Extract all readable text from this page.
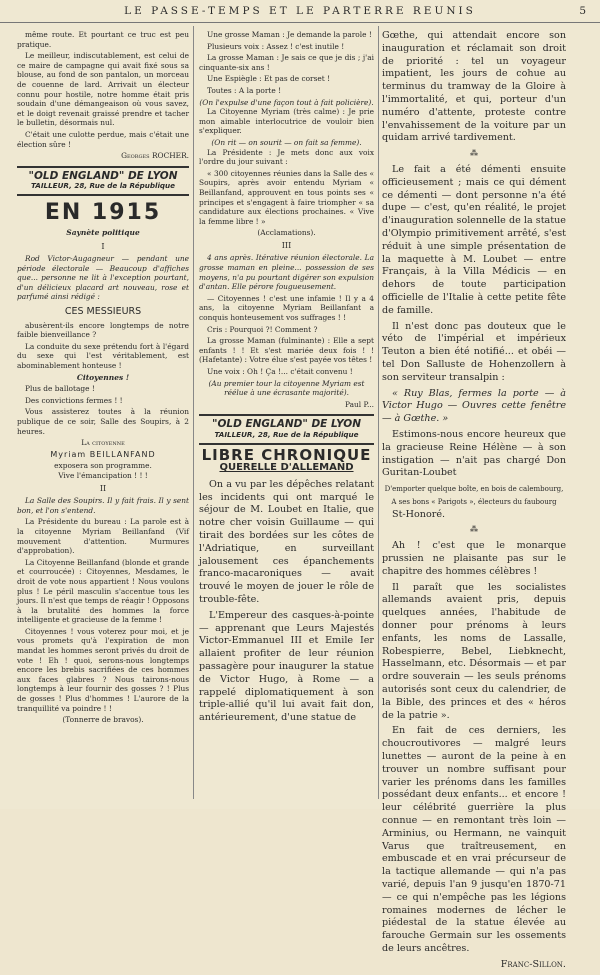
LE PASSE-TEMPS ET LE PARTERRE REUNIS	5

même route. Et pourtant ce truc est peu pratique.

Le meilleur, indiscutablement, est celui de ce maire de campagne qui avait fixé sous sa blouse, au fond de son pantalon, un morceau de couenne de lard. Arrivait un électeur connu pour hostile, notre homme était pris soudain d'une démangeaison où vous savez, et le doigt revenait graissé prendre et tacher le bulletin, désormais nul.

C'était une culotte perdue, mais c'était une élection sûre !

Georges ROCHER.

"OLD ENGLAND" DE LYON
TAILLEUR, 28, Rue de la République
EN 1915
Saynète politique
I

Rod Victor-Augagneur — pendant une période électorale — Beaucoup d'affiches que... personne ne lit à l'exception pourtant, d'un délicieux placard art nouveau, rose et parfumé ainsi rédigé :

CES MESSIEURS

abusèrent-ils encore longtemps de notre faible bienveillance ?

La conduite du sexe prétendu fort à l'égard du sexe qui l'est véritablement, est abominablement honteuse !

Citoyennes !

Plus de ballotage !

Des convictions fermes ! !

Vous assisterez toutes à la réunion publique de ce soir, Salle des Soupirs, à 2 heures.

La citoyenne
Myriam BEILLANFAND
exposera son programme.
Vive l'émancipation ! ! !
II

La Salle des Soupirs. Il y fait frais. Il y sent bon, et l'on s'entend.

La Présidente du bureau : La parole est à la citoyenne Myriam Beillanfand (Vif mouvement d'attention. Murmures d'approbation).

La Citoyenne Beillanfand (blonde et grande et courroucée) : Citoyennes, Mesdames, le droit de vote nous appartient ! Nous voulons plus ! Le péril masculin s'accentue tous les jours. Il n'est que temps de réagir ! Opposons à la brutalité des hommes la force intelligente et gracieuse de la femme !

Citoyennes ! vous voterez pour moi, et je vous promets qu'à l'expiration de mon mandat les hommes seront privés du droit de vote ! Eh ! quoi, serons-nous longtemps encore les brebis sacrifiées de ces hommes aux faces glabres ? Nous tairons-nous longtemps à leur fournir des gosses ? ! Plus de gosses ! Plus d'hommes ! L'aurore de la tranquillité va poindre ! !

(Tonnerre de bravos).

Une grosse Maman : Je demande la parole !

Plusieurs voix : Assez ! c'est inutile !

La grosse Maman : Je sais ce que je dis ; j'ai cinquante-six ans !

Une Espiègle : Et pas de corset !

Toutes : A la porte !

(On l'expulse d'une façon tout à fait policière).

La Citoyenne Myriam (très calme) : Je prie mon aimable interlocutrice de vouloir bien s'expliquer.

(On rit — on sourit — on fait sa femme).

La Présidente : Je mets donc aux voix l'ordre du jour suivant :

« 300 citoyennes réunies dans la Salle des « Soupirs, après avoir entendu Myriam « Beillanfand, approuvent en tous points ses « principes et s'engagent à faire triompher « sa candidature aux élections prochaines. « Vive la femme libre ! »

(Acclamations).
III

4 ans après. Itérative réunion électorale. La grosse maman en pleine... possession de ses moyens, n'a pu pourtant digérer son expulsion d'antan. Elle pérore fougueusement.

— Citoyennes ! c'est une infamie ! Il y a 4 ans, la citoyenne Myriam Beillanfant a conquis honteusement vos suffrages ! !

Cris : Pourquoi ?! Comment ?

La grosse Maman (fulminante) : Elle a sept enfants ! ! Et s'est mariée deux fois ! ! (Hafetante) : Votre élue s'est payée vos têtes !

Une voix : Oh ! Ça !... c'était convenu !

(Au premier tour la citoyenne Myriam est réélue à une écrasante majorité).

Paul P...

"OLD ENGLAND" DE LYON
TAILLEUR, 28, Rue de la République
LIBRE CHRONIQUE
QUERELLE D'ALLEMAND

On a vu par les dépêches relatant les incidents qui ont marqué le séjour de M. Loubet en Italie, que notre cher voisin Guillaume — qui tirait des bordées sur les côtes de l'Adriatique, en surveillant jalousement ces épanchements franco-macaroniques — avait trouvé le moyen de jouer le rôle de trouble-fête.

L'Empereur des casques-à-pointe — apprenant que Leurs Majestés Victor-Emmanuel III et Emile Ier allaient profiter de leur réunion passagère pour inaugurer la statue de Victor Hugo, à Rome — a rappelé diplomatiquement à son triple-allié qu'il lui avait fait don, antérieurement, d'une statue de

Gœthe, qui attendait encore son inauguration et réclamait son droit de priorité : tel un voyageur impatient, les jours de cohue au terminus du tramway de la Gloire à l'immortalité, et qui, porteur d'un numéro d'attente, proteste contre l'envahissement de la voiture par un quidam arrivé tardivement.

⁂

Le fait a été démenti ensuite officieusement ; mais ce qui dément ce démenti — dont personne n'a été dupe — c'est, qu'en réalité, le projet d'inauguration solennelle de la statue d'Olympio primitivement arrêté, s'est réduit à une simple présentation de la maquette à M. Loubet — entre Français, à la Villa Médicis — en dehors de toute participation officielle de l'Italie à cette petite fête de famille.

Il n'est donc pas douteux que le véto de l'impérial et impérieux Teuton a bien été notifié... et obéi — tel Don Salluste de Hohenzollern à son serviteur transalpin :

« Ruy Blas, fermes la porte — à Victor Hugo — Ouvres cette fenêtre — à Gœthe. »

Estimons-nous encore heureux que la gracieuse Reine Hélène — à son instigation — n'ait pas chargé Don Guritan-Loubet

D'emporter quelque boîte, en bois de calembourg,
A ses bons « Parigots », électeurs du faubourg

St-Honoré.

⁂

Ah ! c'est que le monarque prussien ne plaisante pas sur le chapitre des hommes célèbres !

Il paraît que les socialistes allemands avaient pris, depuis quelques années, l'habitude de donner pour prénoms à leurs enfants, les noms de Lassalle, Robespierre, Bebel, Liebknecht, Hasselmann, etc. Désormais — et par ordre souverain — les seuls prénoms autorisés sont ceux du calendrier, de la Bible, des princes et des « héros de la patrie ».

En fait de ces derniers, les choucroutivores — malgré leurs lunettes — auront de la peine à en trouver un nombre suffisant pour varier les prénoms dans les familles possédant deux enfants... et encore ! leur célébrité guerrière la plus connue — en remontant très loin — Arminius, ou Hermann, ne vainquit Varus que traîtreusement, en embuscade et en vrai précurseur de la tactique allemande — qui n'a pas varié, depuis l'an 9 jusqu'en 1870-71 — ce qui n'empêche pas les légions romaines modernes de lécher le piédestal de la statue élevée au farouche Germain sur les ossements de leurs ancêtres.

Franc-Sillon.
